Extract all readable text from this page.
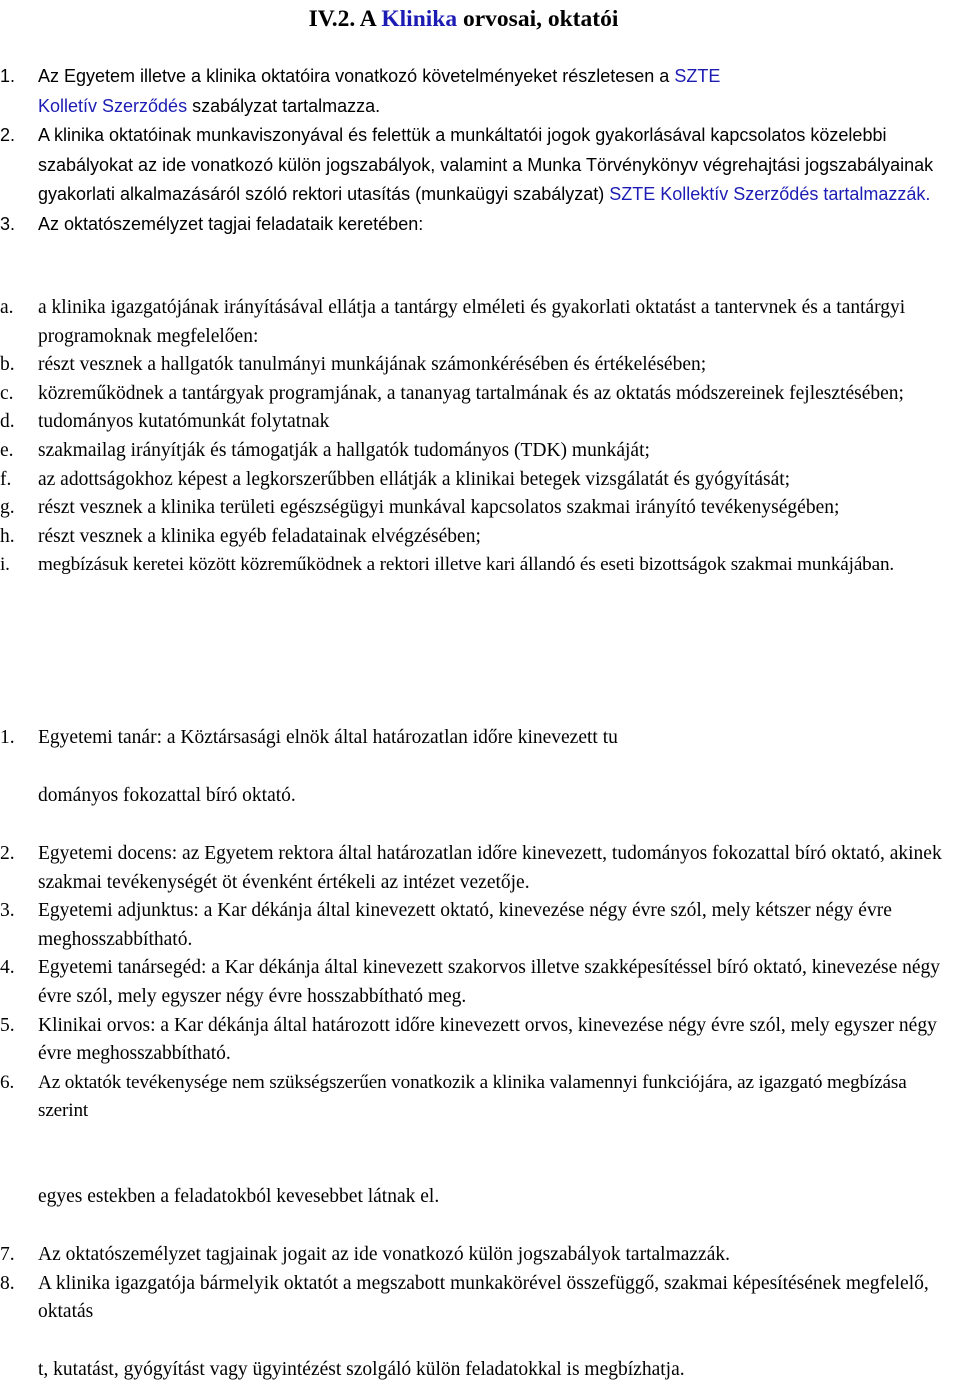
IV.2. A Klinika orvosai, oktatói
1. Az Egyetem illetve a klinika oktatóira vonatkozó követelményeket részletesen a SZTE
Kolletív Szerződés szabályzat tartalmazza.
2. A klinika oktatóinak munkaviszonyával és felettük a munkáltatói jogok gyakorlásával kapcsolatos közelebbi szabályokat az ide vonatkozó külön jogszabályok, valamint a Munka Törvénykönyv végrehajtási jogszabályainak gyakorlati alkalmazásáról szóló rektori utasítás (munkaügyi szabályzat) SZTE Kollektív Szerződés tartalmazzák.
3. Az oktatószemélyzet tagjai feladataik keretében:
a. a klinika igazgatójának irányításával ellátja a tantárgy elméleti és gyakorlati oktatást a tantervnek és a tantárgyi programoknak megfelelően:
b. részt vesznek a hallgatók tanulmányi munkájának számonkérésében és értékelésében;
c. közreműködnek a tantárgyak programjának, a tananyag tartalmának és az oktatás módszereinek fejlesztésében;
d. tudományos kutatómunkát folytatnak
e. szakmailag irányítják és támogatják a hallgatók tudományos (TDK) munkáját;
f. az adottságokhoz képest a legkorszerűbben ellátják a klinikai betegek vizsgálatát és gyógyítását;
g. részt vesznek a klinika területi egészségügyi munkával kapcsolatos szakmai irányító tevékenységében;
h. részt vesznek a klinika egyéb feladatainak elvégzésében;
i. megbízásuk keretei között közreműködnek a rektori illetve kari állandó és eseti bizottságok szakmai munkájában.
1. Egyetemi tanár: a Köztársasági elnök által határozatlan időre kinevezett tu
dományos fokozattal bíró oktató.
2. Egyetemi docens: az Egyetem rektora által határozatlan időre kinevezett, tudományos fokozattal bíró oktató, akinek szakmai tevékenységét öt évenként értékeli az intézet vezetője.
3. Egyetemi adjunktus: a Kar dékánja által kinevezett oktató, kinevezése négy évre szól, mely kétszer négy évre meghosszabbítható.
4. Egyetemi tanársegéd: a Kar dékánja által kinevezett szakorvos illetve szakképesítéssel bíró oktató, kinevezése négy évre szól, mely egyszer négy évre hosszabbítható meg.
5. Klinikai orvos: a Kar dékánja által határozott időre kinevezett orvos, kinevezése négy évre szól, mely egyszer négy évre meghosszabbítható.
6. Az oktatók tevékenysége nem szükségszerűen vonatkozik a klinika valamennyi funkciójára, az igazgató megbízása szerint
egyes estekben a feladatokból kevesebbet látnak el.
7. Az oktatószemélyzet tagjainak jogait az ide vonatkozó külön jogszabályok tartalmazzák.
8. A klinika igazgatója bármelyik oktatót a megszabott munkakörével összefüggő, szakmai képesítésének megfelelő, oktatás
t, kutatást, gyógyítást vagy ügyintézést szolgáló külön feladatokkal is megbízhatja.
